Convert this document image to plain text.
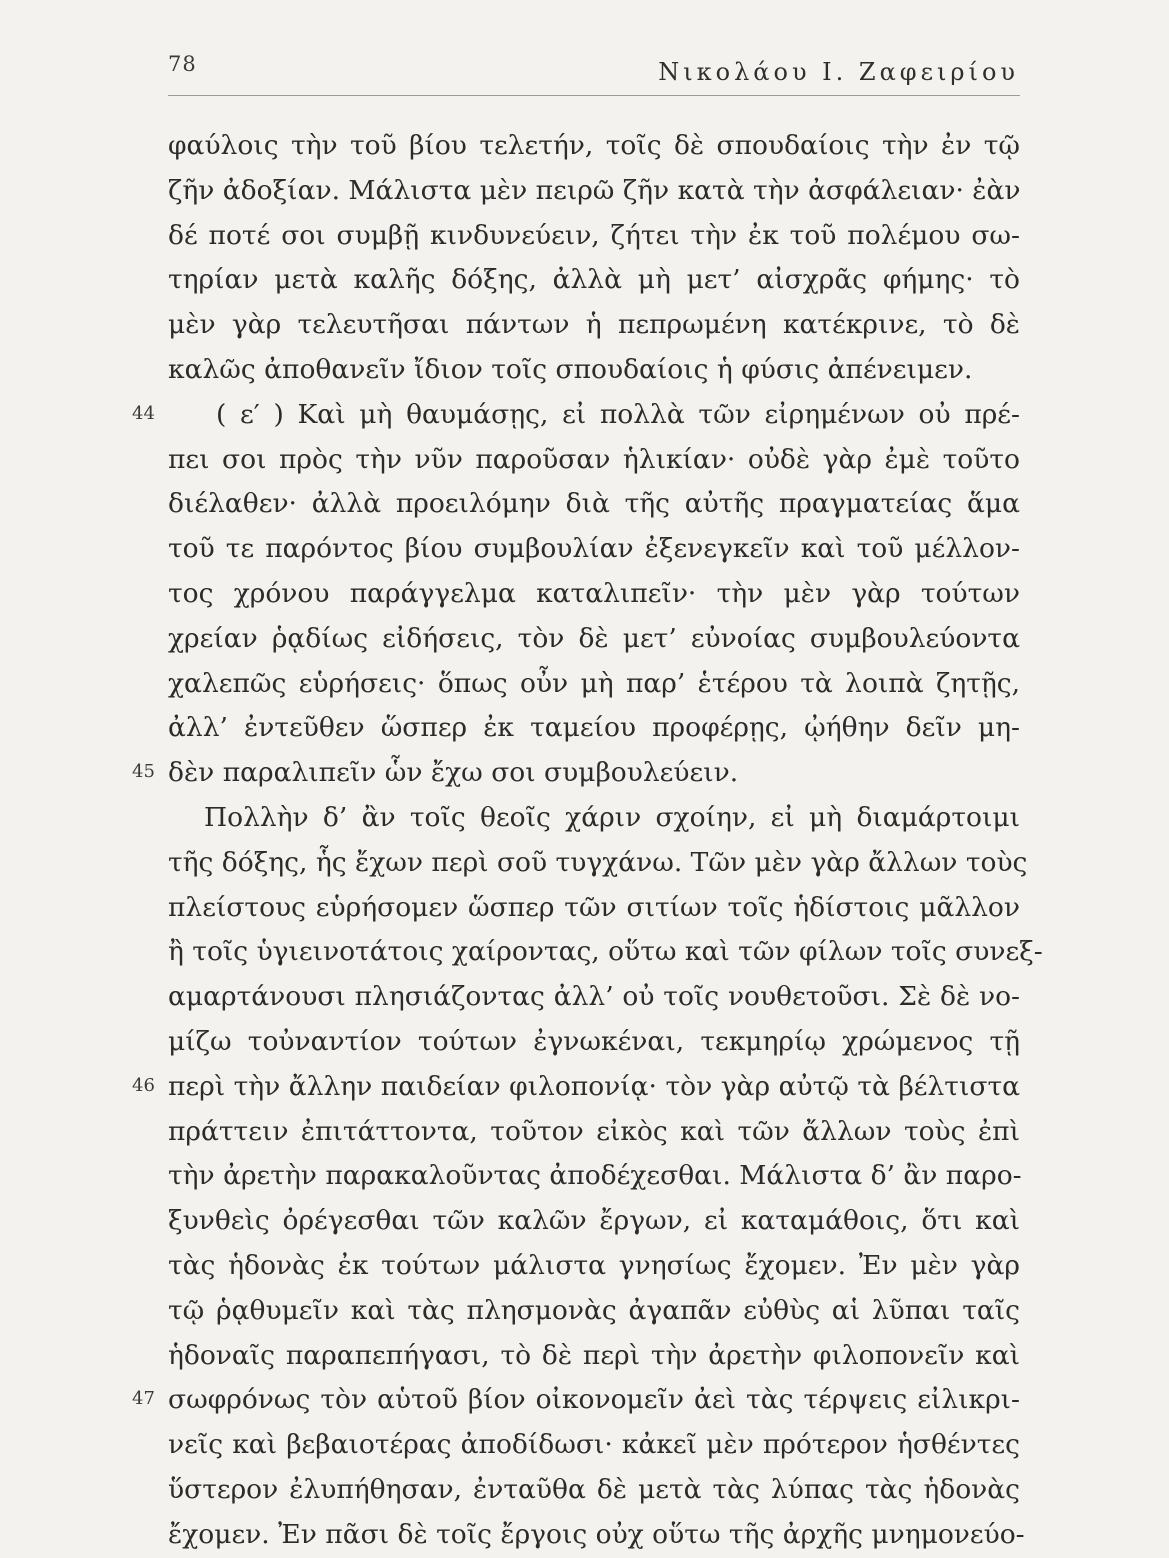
78	Νικολάου Ι. Ζαφειρίου
44
45
46
47
φαύλοις τὴν τοῦ βίου τελετήν, τοῖς δὲ σπουδαίοις τὴν ἐν τῷ
ζῆν ἀδοξίαν. Μάλιστα μὲν πειρῶ ζῆν κατὰ τὴν ἀσφάλειαν· ἐὰν
δέ ποτέ σοι συμβῇ κινδυνεύειν, ζήτει τὴν ἐκ τοῦ πολέμου σω-
τηρίαν μετὰ καλῆς δόξης, ἀλλὰ μὴ μετ’ αἰσχρᾶς φήμης· τὸ
μὲν γὰρ τελευτῆσαι πάντων ἡ πεπρωμένη κατέκρινε, τὸ δὲ
καλῶς ἀποθανεῖν ἴδιον τοῖς σπουδαίοις ἡ φύσις ἀπένειμεν.
( ε′ ) Καὶ μὴ θαυμάσῃς, εἰ πολλὰ τῶν εἰρημένων οὐ πρέ-
πει σοι πρὸς τὴν νῦν παροῦσαν ἡλικίαν· οὐδὲ γὰρ ἐμὲ τοῦτο
διέλαθεν· ἀλλὰ προειλόμην διὰ τῆς αὐτῆς πραγματείας ἅμα
τοῦ τε παρόντος βίου συμβουλίαν ἐξενεγκεῖν καὶ τοῦ μέλλον-
τος χρόνου παράγγελμα καταλιπεῖν· τὴν μὲν γὰρ τούτων
χρείαν ῥᾳδίως εἰδήσεις, τὸν δὲ μετ’ εὐνοίας συμβουλεύοντα
χαλεπῶς εὑρήσεις· ὅπως οὖν μὴ παρ’ ἑτέρου τὰ λοιπὰ ζητῇς,
ἀλλ’ ἐντεῦθεν ὥσπερ ἐκ ταμείου προφέρῃς, ᾠήθην δεῖν μη-
δὲν παραλιπεῖν ὧν ἔχω σοι συμβουλεύειν.
Πολλὴν δ’ ἂν τοῖς θεοῖς χάριν σχοίην, εἰ μὴ διαμάρτοιμι
τῆς δόξης, ἧς ἔχων περὶ σοῦ τυγχάνω. Τῶν μὲν γὰρ ἄλλων τοὺς
πλείστους εὑρήσομεν ὥσπερ τῶν σιτίων τοῖς ἡδίστοις μᾶλλον
ἢ τοῖς ὑγιεινοτάτοις χαίροντας, οὕτω καὶ τῶν φίλων τοῖς συνεξ-
αμαρτάνουσι πλησιάζοντας ἀλλ’ οὐ τοῖς νουθετοῦσι. Σὲ δὲ νο-
μίζω τοὐναντίον τούτων ἐγνωκέναι, τεκμηρίῳ χρώμενος τῇ
περὶ τὴν ἄλλην παιδείαν φιλοπονίᾳ· τὸν γὰρ αὐτῷ τὰ βέλτιστα
πράττειν ἐπιτάττοντα, τοῦτον εἰκὸς καὶ τῶν ἄλλων τοὺς ἐπὶ
τὴν ἀρετὴν παρακαλοῦντας ἀποδέχεσθαι. Μάλιστα δ’ ἂν παρο-
ξυνθεὶς ὀρέγεσθαι τῶν καλῶν ἔργων, εἰ καταμάθοις, ὅτι καὶ
τὰς ἡδονὰς ἐκ τούτων μάλιστα γνησίως ἔχομεν. Ἐν μὲν γὰρ
τῷ ῥᾳθυμεῖν καὶ τὰς πλησμονὰς ἀγαπᾶν εὐθὺς αἱ λῦπαι ταῖς
ἡδοναῖς παραπεπήγασι, τὸ δὲ περὶ τὴν ἀρετὴν φιλοπονεῖν καὶ
σωφρόνως τὸν αὑτοῦ βίον οἰκονομεῖν ἀεὶ τὰς τέρψεις εἰλικρι-
νεῖς καὶ βεβαιοτέρας ἀποδίδωσι· κἀκεῖ μὲν πρότερον ἡσθέντες
ὕστερον ἐλυπήθησαν, ἐνταῦθα δὲ μετὰ τὰς λύπας τὰς ἡδονὰς
ἔχομεν. Ἐν πᾶσι δὲ τοῖς ἔργοις οὐχ οὕτω τῆς ἀρχῆς μνημονεύο-
